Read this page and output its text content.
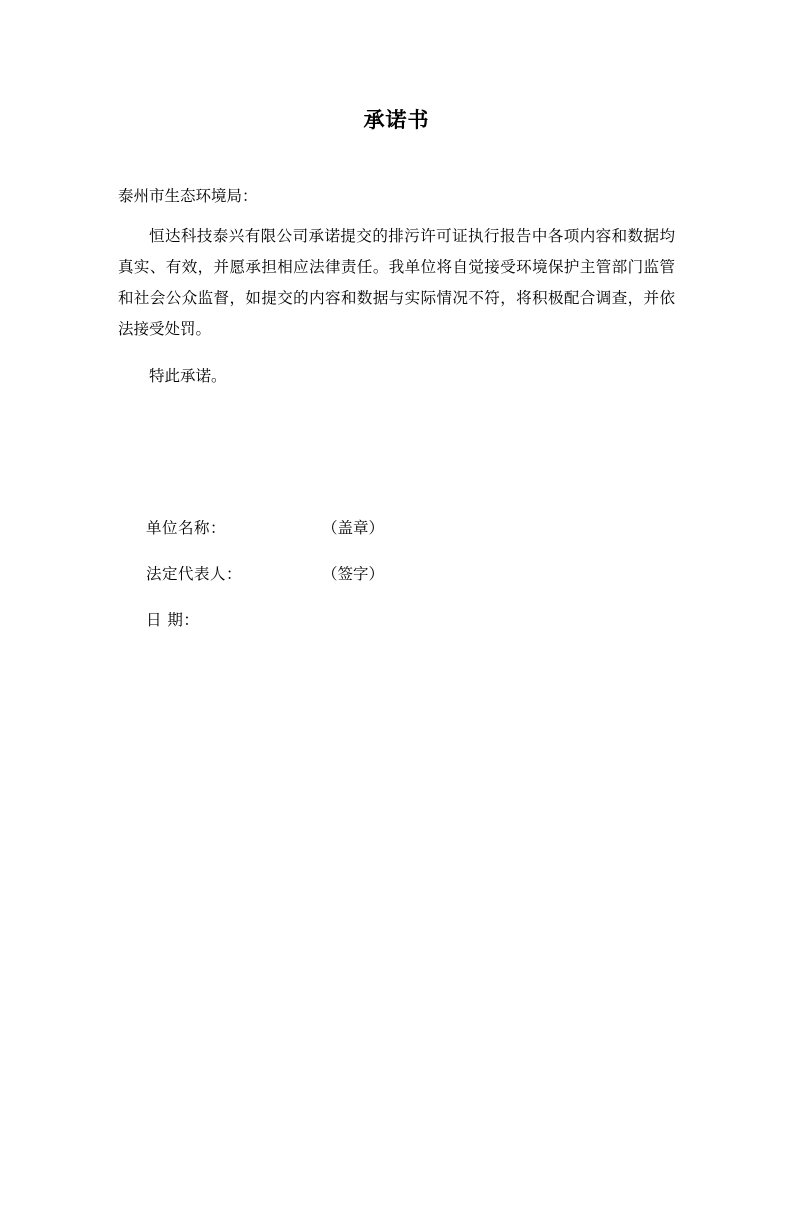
承诺书
泰州市生态环境局：
恒达科技泰兴有限公司承诺提交的排污许可证执行报告中各项内容和数据均真实、有效，并愿承担相应法律责任。我单位将自觉接受环境保护主管部门监管和社会公众监督，如提交的内容和数据与实际情况不符，将积极配合调查，并依法接受处罚。
特此承诺。
单位名称：	（盖章）
法定代表人：	（签字）
日 期：
